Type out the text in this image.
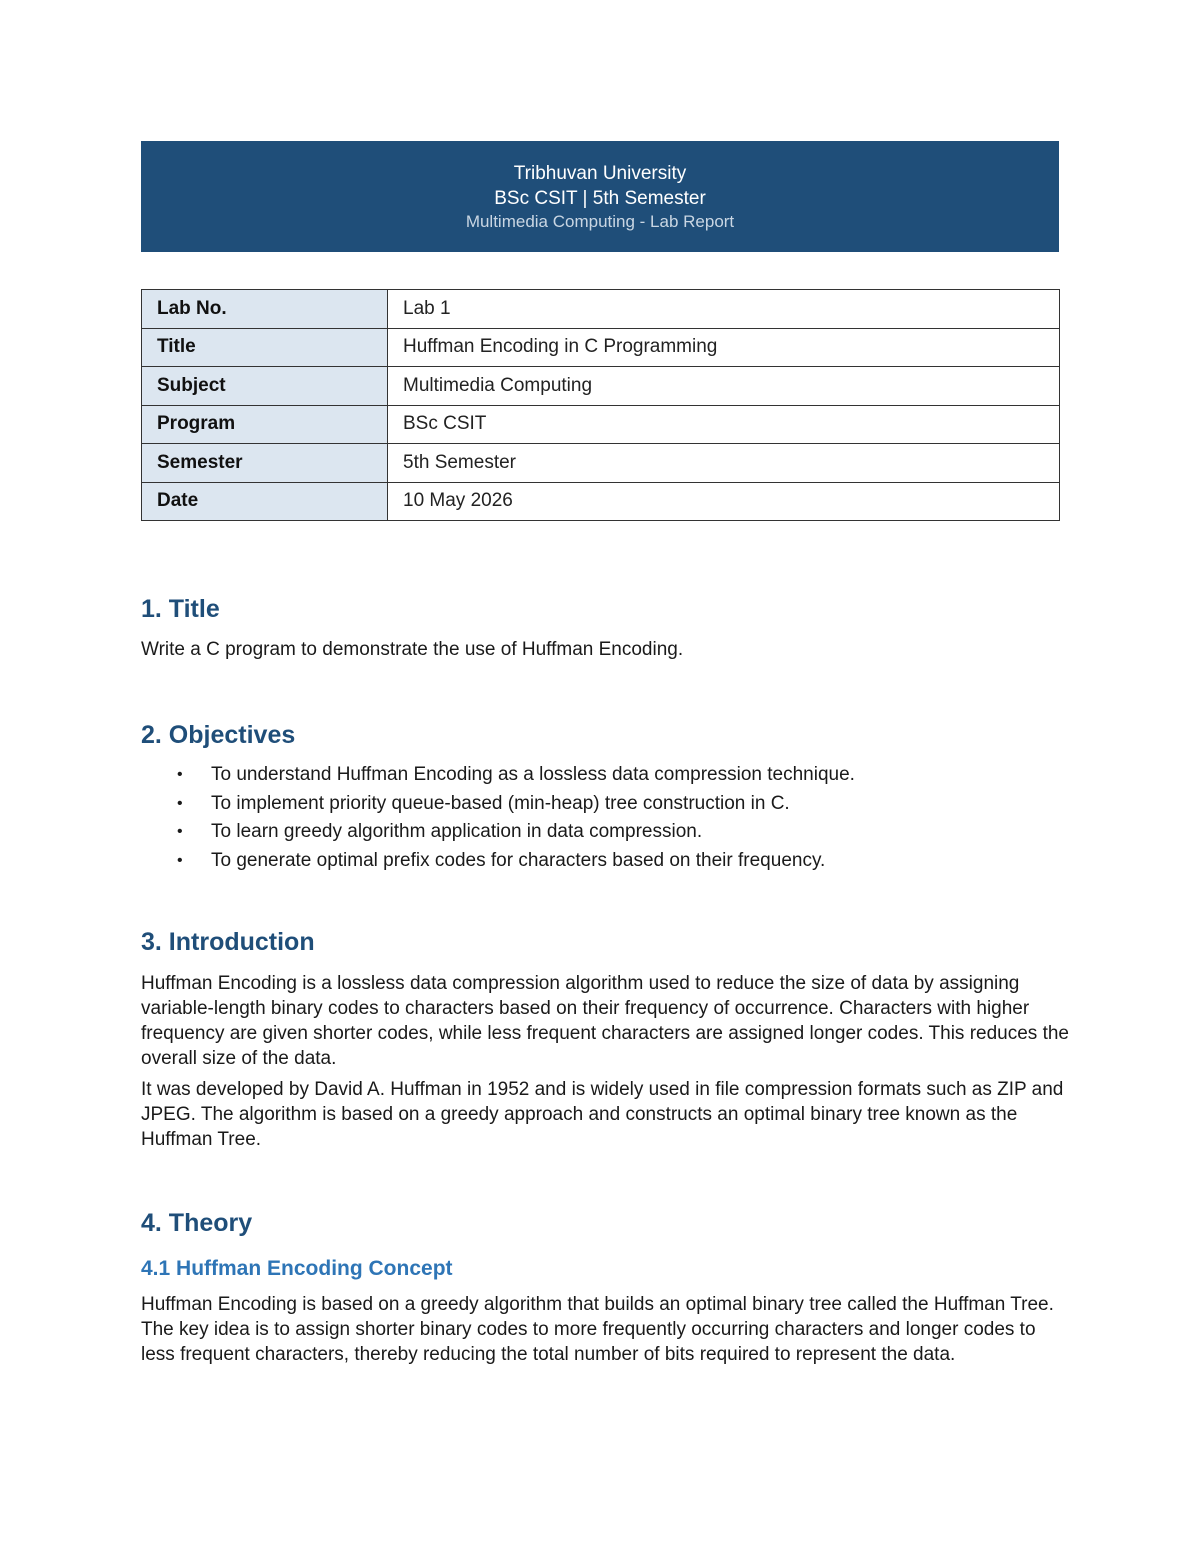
Tribhuvan University
BSc CSIT | 5th Semester
Multimedia Computing - Lab Report
Lab No.	Lab 1
Title	Huffman Encoding in C Programming
Subject	Multimedia Computing
Program	BSc CSIT
Semester	5th Semester
Date	10 May 2026
1. Title

Write a C program to demonstrate the use of Huffman Encoding.

2. Objectives
• To understand Huffman Encoding as a lossless data compression technique.
• To implement priority queue-based (min-heap) tree construction in C.
• To learn greedy algorithm application in data compression.
• To generate optimal prefix codes for characters based on their frequency.
3. Introduction

Huffman Encoding is a lossless data compression algorithm used to reduce the size of data by assigning variable-length binary codes to characters based on their frequency of occurrence. Characters with higher frequency are given shorter codes, while less frequent characters are assigned longer codes. This reduces the overall size of the data.

It was developed by David A. Huffman in 1952 and is widely used in file compression formats such as ZIP and JPEG. The algorithm is based on a greedy approach and constructs an optimal binary tree known as the Huffman Tree.

4. Theory
4.1 Huffman Encoding Concept

Huffman Encoding is based on a greedy algorithm that builds an optimal binary tree called the Huffman Tree. The key idea is to assign shorter binary codes to more frequently occurring characters and longer codes to less frequent characters, thereby reducing the total number of bits required to represent the data.
